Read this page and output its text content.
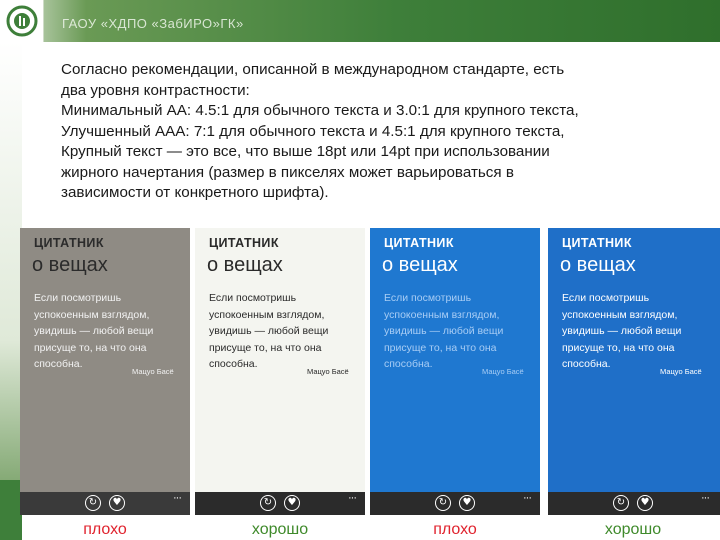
ГАОУ «ХДПО «ЗабИРО»ГК»
Согласно рекомендации, описанной в международном стандарте, есть
два уровня контрастности:
Минимальный АА: 4.5:1 для обычного текста и 3.0:1 для крупного текста,
Улучшенный ААА: 7:1 для обычного текста и 4.5:1 для крупного текста,
Крупный текст — это все, что выше 18pt или 14pt при использовании
жирного начертания (размер в пикселях может варьироваться в
зависимости от конкретного шрифта).
ЦИТАТНИК
о вещах
Если посмотришь
успокоенным взглядом,
увидишь — любой вещи
присуще то, на что она
способна.
Мацуо Басё
↻	♥	···
ЦИТАТНИК
о вещах
Если посмотришь
успокоенным взглядом,
увидишь — любой вещи
присуще то, на что она
способна.
Мацуо Басё
↻	♥	···
ЦИТАТНИК
о вещах
Если посмотришь
успокоенным взглядом,
увидишь — любой вещи
присуще то, на что она
способна.
Мацуо Басё
↻	♥	···
ЦИТАТНИК
о вещах
Если посмотришь
успокоенным взглядом,
увидишь — любой вещи
присуще то, на что она
способна.
Мацуо Басё
↻	♥	···
плохо	хорошо	плохо	хорошо
